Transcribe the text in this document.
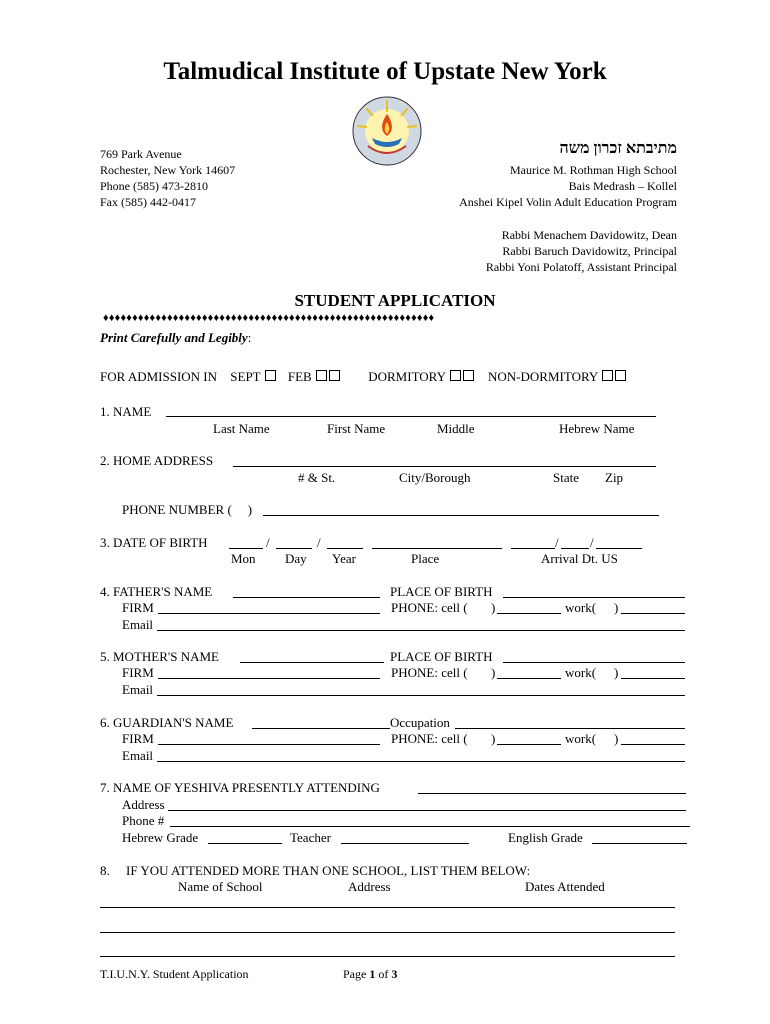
Talmudical Institute of Upstate New York
769 Park Avenue
Rochester, New York 14607
Phone (585) 473-2810
Fax (585) 442-0417
מתיבתא זכרון משה
Maurice M. Rothman High School
Bais Medrash – Kollel
Anshei Kipel Volin Adult Education Program
Rabbi Menachem Davidowitz, Dean
Rabbi Baruch Davidowitz, Principal
Rabbi Yoni Polatoff, Assistant Principal
STUDENT APPLICATION
♦♦♦♦♦♦♦♦♦♦♦♦♦♦♦♦♦♦♦♦♦♦♦♦♦♦♦♦♦♦♦♦♦♦♦♦♦♦♦♦♦♦♦♦♦♦♦♦♦♦♦♦♦♦♦♦♦
Print Carefully and Legibly:
FOR ADMISSION IN SEPT FEB	DORMITORY	NON-DORMITORY
1. NAME
Last Name	First Name	Middle	Hebrew Name
2. HOME ADDRESS
# & St.	City/Borough	State Zip
PHONE NUMBER ( )
3. DATE OF BIRTH	/	/	/ /
Mon Day Year	Place	Arrival Dt. US
4. FATHER'S NAME	PLACE OF BIRTH
FIRM	PHONE: cell ( )	work( )
Email
5. MOTHER'S NAME	PLACE OF BIRTH
FIRM	PHONE: cell ( )	work( )
Email
6. GUARDIAN'S NAME	Occupation
FIRM	PHONE: cell ( )	work( )
Email
7. NAME OF YESHIVA PRESENTLY ATTENDING
Address
Phone #
Hebrew Grade	Teacher	English Grade
8. IF YOU ATTENDED MORE THAN ONE SCHOOL, LIST THEM BELOW:
Name of School	Address	Dates Attended
T.I.U.N.Y. Student Application	Page 1 of 3
